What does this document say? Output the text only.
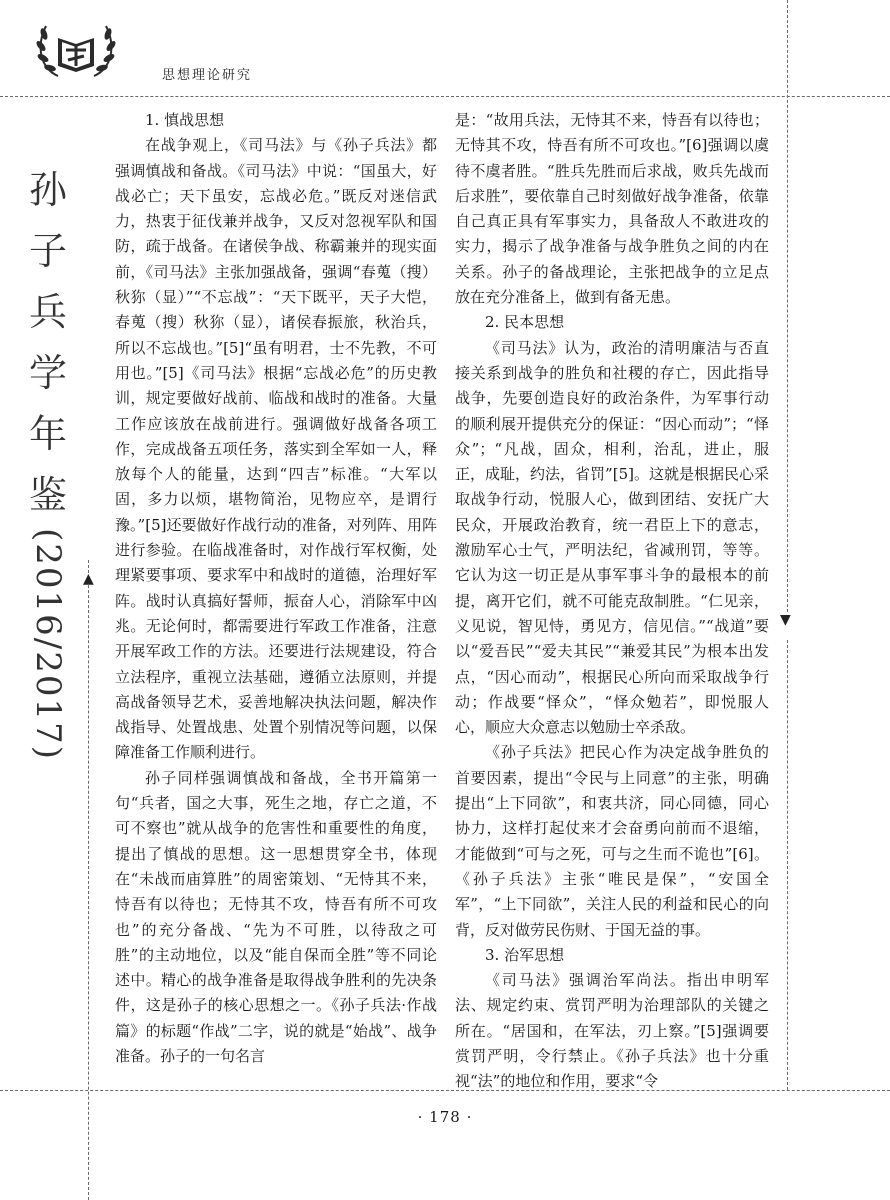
思想理论研究
孙
子
兵
学
年
鉴
(2016/2017)	▲
▼
1. 慎战思想

在战争观上，《司马法》与《孙子兵法》都强调慎战和备战。《司马法》中说：“国虽大，好战必亡；天下虽安，忘战必危。”既反对迷信武力，热衷于征伐兼并战争，又反对忽视军队和国防，疏于战备。在诸侯争战、称霸兼并的现实面前，《司马法》主张加强战备，强调“春蒐（搜）秋狝（显）”“不忘战”：“天下既平，天子大恺，春蒐（搜）秋狝（显），诸侯春振旅，秋治兵，所以不忘战也。”[5]“虽有明君，士不先教，不可用也。”[5]《司马法》根据“忘战必危”的历史教训，规定要做好战前、临战和战时的准备。大量工作应该放在战前进行。强调做好战备各项工作，完成战备五项任务，落实到全军如一人，释放每个人的能量，达到“四吉”标准。“大军以固，多力以烦，堪物简治，见物应卒，是谓行豫。”[5]还要做好作战行动的准备，对列阵、用阵进行参验。在临战准备时，对作战行军权衡，处理紧要事项、要求军中和战时的道德，治理好军阵。战时认真搞好誓师，振奋人心，消除军中凶兆。无论何时，都需要进行军政工作准备，注意开展军政工作的方法。还要进行法规建设，符合立法程序，重视立法基础，遵循立法原则，并提高战备领导艺术，妥善地解决执法问题，解决作战指导、处置战患、处置个别情况等问题，以保障准备工作顺利进行。

孙子同样强调慎战和备战，全书开篇第一句“兵者，国之大事，死生之地，存亡之道，不可不察也”就从战争的危害性和重要性的角度，提出了慎战的思想。这一思想贯穿全书，体现在“未战而庙算胜”的周密策划、“无恃其不来，恃吾有以待也；无恃其不攻，恃吾有所不可攻也”的充分备战、“先为不可胜，以待敌之可胜”的主动地位，以及“能自保而全胜”等不同论述中。精心的战争准备是取得战争胜利的先决条件，这是孙子的核心思想之一。《孙子兵法·作战篇》的标题“作战”二字，说的就是“始战”、战争准备。孙子的一句名言

是：“故用兵法，无恃其不来，恃吾有以待也；无恃其不攻，恃吾有所不可攻也。”[6]强调以虞待不虞者胜。“胜兵先胜而后求战，败兵先战而后求胜”，要依靠自己时刻做好战争准备，依靠自己真正具有军事实力，具备敌人不敢进攻的实力，揭示了战争准备与战争胜负之间的内在关系。孙子的备战理论，主张把战争的立足点放在充分准备上，做到有备无患。

2. 民本思想

《司马法》认为，政治的清明廉洁与否直接关系到战争的胜负和社稷的存亡，因此指导战争，先要创造良好的政治条件，为军事行动的顺利展开提供充分的保证：“因心而动”；“怿众”；“凡战，固众，相利，治乱，进止，服正，成耻，约法，省罚”[5]。这就是根据民心采取战争行动，悦服人心，做到团结、安抚广大民众，开展政治教育，统一君臣上下的意志，激励军心士气，严明法纪，省减刑罚，等等。它认为这一切正是从事军事斗争的最根本的前提，离开它们，就不可能克敌制胜。“仁见亲，义见说，智见恃，勇见方，信见信。”“战道”要以“爱吾民”“爱夫其民”“兼爱其民”为根本出发点，“因心而动”，根据民心所向而采取战争行动；作战要“怿众”，“怿众勉若”，即悦服人心，顺应大众意志以勉励士卒杀敌。

《孙子兵法》把民心作为决定战争胜负的首要因素，提出“令民与上同意”的主张，明确提出“上下同欲”，和衷共济，同心同德，同心协力，这样打起仗来才会奋勇向前而不退缩，才能做到“可与之死，可与之生而不诡也”[6]。《孙子兵法》主张“唯民是保”，“安国全军”，“上下同欲”，关注人民的利益和民心的向背，反对做劳民伤财、于国无益的事。

3. 治军思想

《司马法》强调治军尚法。指出申明军法、规定约束、赏罚严明为治理部队的关键之所在。“居国和，在军法，刃上察。”[5]强调要赏罚严明，令行禁止。《孙子兵法》也十分重视“法”的地位和作用，要求“令

· 178 ·
